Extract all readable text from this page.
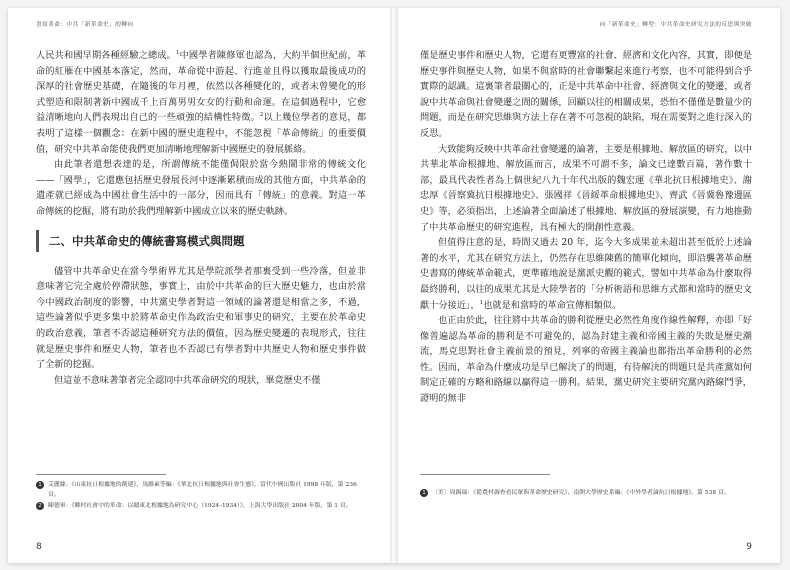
書寫革命：中共「新革命史」的轉向

人民共和國早期各種經驗之總成。$^1$中國學者陳修軍也認為，大約半個世紀前，革命的紅雁在中國基本落定，然而，革命從中游起、行進並且得以獲取最後成功的深厚的社會歷史基礎，在隨後的年月裡，依然以各種變化的，或者未曾變化的形式塑造和限制著新中國成千上百萬男男女女的行動和命運。在這個過程中，它愈益清晰地向人們表現出自己的一些頑強的結構性特徵。$^2$以上幾位學者的意見，都表明了這樣一個觀念：在新中國的歷史進程中，不能忽視「革命傳統」的重要價值，研究中共革命能使我們更加清晰地理解新中國歷史的發展脈絡。

由此筆者還想表達的是，所謂傳統不能僅侷限於當今熱鬧非常的傳統文化——「國學」，它還應包括歷史發展長河中逐漸累積而成的其他方面，中共革命的遺產就已經成為中國社會生活中的一部分，因而具有「傳統」的意義。對這一革命傳統的挖掘，將有助於我們理解新中國成立以來的歷史軌跡。

二、中共革命史的傳統書寫模式與問題

儘管中共革命史在當今學術界尤其是學院派學者那裏受到一些冷落，但並非意味著它完全處於停滯狀態，事實上，由於中共革命的巨大歷史魅力，也由於當今中國政治制度的影響，中共黨史學者對這一領域的論著還是相當之多，不過，這些論著似乎更多集中於將革命史作為政治史和軍事史的研究，主要在於革命史的政治意義，筆者不否認這種研究方法的價值，因為歷史變遷的表現形式，往往就是歷史事件和歷史人物，筆者也不否認已有學者對中共歷史人物和歷史事件做了全新的挖掘。

但這並不意味著筆者完全認同中共革命研究的現狀，畢竟歷史不僅

1	艾麗絲：《山東抗日根據地的創建》，馬維素等編：《華北抗日根據地與社會生態》，當代中國出版社 1998 年版，第 236 頁。
2	陳德軍：《鄉村社會中的革命：以贛東北根據地為研究中心（1924–1934）》，上海大學出版社 2004 年版，第 1 頁。
8
向「新革命史」轉型：中共革命史研究方法的反思與突破

僅是歷史事件和歷史人物，它還有更豐富的社會、經濟和文化內容，其實，即便是歷史事件與歷史人物，如果不與當時的社會聯繫起來進行考察，也不可能得到合乎實際的認識。這裏筆者最關心的，正是中共革命中社會、經濟與文化的變遷，或者說中共革命與社會變遷之間的關係，回顧以往的相關成果，恐怕不僅僅是數量少的問題，而是在研究思維與方法上存在著不可忽視的缺陷，現在需要對之進行深入的反思。

大致能夠反映中共革命社會變遷的論著，主要是根據地、解放區的研究，以中共華北革命根據地、解放區而言，成果不可謂不多，論文已達數百篇，著作數十部，最具代表性者為上個世紀八九十年代出版的魏宏運《華北抗日根據地史》、謝忠厚《晉察冀抗日根據地史》、張國祥《晉綏革命根據地史》、齊武《晉冀魯豫邊區史》等，必須指出，上述論著全面論述了根據地、解放區的發展演變，有力地推動了中共革命歷史的研究進程，具有極大的開創性意義。

但值得注意的是，時間又過去 20 年，迄今大多成果並未超出甚至低於上述論著的水平，尤其在研究方法上，仍然存在思維陳舊的簡單化傾向，即沿襲著革命歷史書寫的傳統革命範式，更準確地說是黨派史觀的範式，譬如中共革命為什麼取得最終勝利，以往的成果尤其是大陸學者的「分析術語和思維方式都和當時的歷史文獻十分接近」，$^1$也就是和當時的革命宣傳相類似。

也正由於此，往往將中共革命的勝利從歷史必然性角度作線性解釋，亦即「好像普遍認為革命的勝利是不可避免的，認為封建主義和帝國主義的失敗是歷史潮流，馬克思對社會主義前景的預見，列寧的帝國主義論也都指出革命勝利的必然性。因而，革命為什麼成功是早已解決了的問題，有待解決的問題只是共產黨如何制定正確的方略和路線以贏得這一勝利。結果，黨史研究主要研究黨內路線鬥爭，證明的無非

1	〔美〕周錫瑞：《從農村調查看民眾與革命歷史研究》，南開大學歷史系編：《中外學者論抗日根據地》，第 538 頁。
9
